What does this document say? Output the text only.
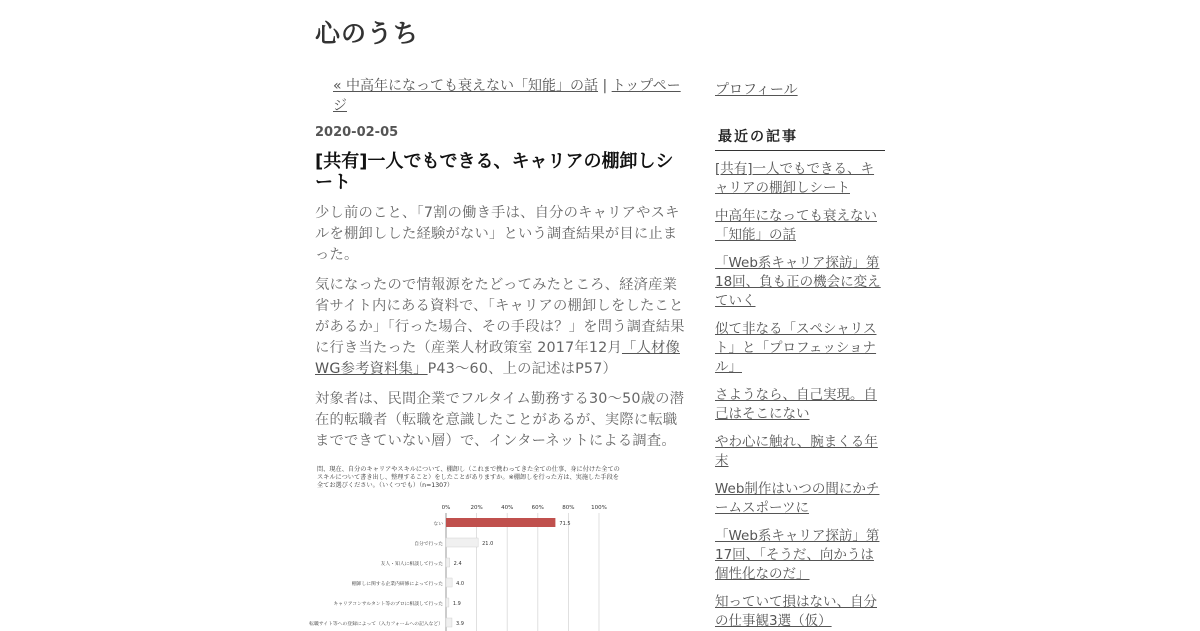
心のうち
« 中高年になっても衰えない「知能」の話 | トップページ
2020-02-05
[共有]一人でもできる、キャリアの棚卸しシート

少し前のこと、「7割の働き手は、自分のキャリアやスキルを棚卸しした経験がない」という調査結果が目に止まった。

気になったので情報源をたどってみたところ、経済産業省サイト内にある資料で、「キャリアの棚卸しをしたことがあるか」「行った場合、その手段は？」を問う調査結果に行き当たった（産業人材政策室 2017年12月「人材像WG参考資料集」P43～60、上の記述はP57）

対象者は、民間企業でフルタイム勤務する30～50歳の潜在的転職者（転職を意識したことがあるが、実際に転職までできていない層）で、インターネットによる調査。

問、現在、自分のキャリアやスキルについて、棚卸し（これまで携わってきた全ての仕事、身に付けた全てのスキルについて書き出し、整理すること）をしたことがありますか。※棚卸しを行った方は、実施した手段を全てお選びください。（いくつでも）（n=1307）
0%	20%	40%	60%	80%	100%
ない	71.5
自分で行った	21.0
友人・知人に相談して行った 2.4
棚卸しに関する企業内研修によって行った	4.0
キャリアコンサルタント等のプロに相談して行った 1.9
転職サイト等への登録によって（入力フォームへの記入など）	3.9
プロフィール
最近の記事
[共有]一人でもできる、キャリアの棚卸しシート
中高年になっても衰えない「知能」の話
「Web系キャリア探訪」第18回、負も正の機会に変えていく
似て非なる「スペシャリスト」と「プロフェッショナル」
さようなら、自己実現。自己はそこにない
やわ心に触れ、腕まくる年末
Web制作はいつの間にかチームスポーツに
「Web系キャリア探訪」第17回、「そうだ、向かうは個性化なのだ」
知っていて損はない、自分の仕事観3選（仮）
